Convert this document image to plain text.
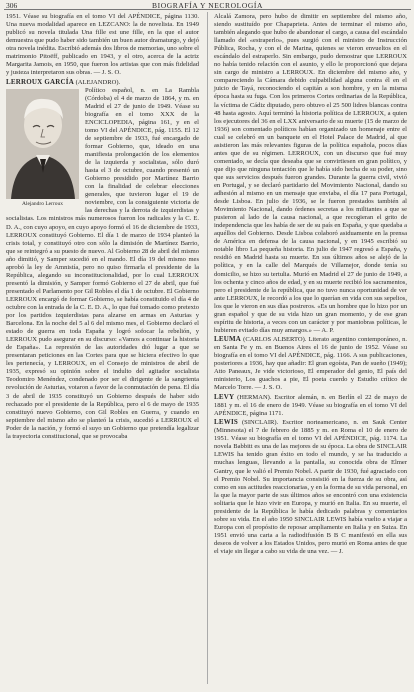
306	BIOGRAFÍA Y NECROLOGÍA

1951. Véase su biografía en el tomo VI del APÉNDICE, página 1130. Una nueva modalidad aparece en LEZCANO: la de novelista. En 1949 publicó su novela titulada Una fille est une fille, en la que el autor demuestra que pudo haber sido también un buen autor dramaturgo, y dejó otra novela inédita. Escribió además dos libros de memorias, uno sobre el matrimonio Pitoëff, publicado en 1943, y el otro, acerca de la actriz Margarita Jamois, en 1950, que fueron los artistas que con más fidelidad y justeza interpretaron sus obras. — J. S. O.

LERROUX GARCÍA (ALEJANDRO).

Alejandro Lerroux

Político español, n. en La Rambla (Córdoba) el 4 de marzo de 1864, y m. en Madrid el 27 de junio de 1949. Véase su biografía en el tomo XXX de la ENCICLOPEDIA, página 161, y en el tomo VI del APÉNDICE, pág. 1155. El 12 de septiembre de 1933, fué encargado de formar Gobierno, que, ideado en una manifiesta prolongación de los elementos de la izquierda y socialistas, sólo duró hasta el 3 de octubre, cuando presentó un Gobierno presidido por Martínez Barrio con la finalidad de celebrar elecciones generales, que tuvieron lugar el 19 de noviembre, con la consiguiente victoria de las derechas y la derrota de izquierdistas y socialistas. Los ministros más numerosos fueron los radicales y la C. E. D. A., con cuyo apoyo, en cuyo apoyo formó el 16 de diciembre de 1933, LERROUX constituyó Gobierno. El día 1 de marzo de 1934 planteó la crisis total, y constituyó otro con sólo la dimisión de Martínez Barrio, que se reintegró a su puesto de nuevo. Al Gobierno 28 de abril del mismo año dimitió, y Samper sucedió en el mando. El día 19 del mismo mes aprobó la ley de Amnistía, pero no quiso firmarla el presidente de la República, alegando su inconstitucionalidad, por lo cual LERROUX presentó la dimisión, y Samper formó Gobierno el 27 de abril, que fué presentado el Parlamento por Gil Robles el día 1 de octubre. El Gobierno LERROUX encargó de formar Gobierno, se había constituido el día 4 de octubre con la entrada de la C. E. D. A., lo que fué tomado como pretexto por los partidos izquierdistas para alzarse en armas en Asturias y Barcelona. En la noche del 5 al 6 del mismo mes, el Gobierno declaró el estado de guerra en toda España y logró sofocar la rebelión, y LERROUX pudo asegurar en su discurso: «Vamos a continuar la historia de España». La represión de las autoridades dió lugar a que se presentaran peticiones en las Cortes para que se hiciera efectivo lo que les pertenecía, y LERROUX, en el Consejo de ministros de abril de 1935, expresó su opinión sobre el indulto del agitador socialista Teodomiro Menéndez, condenado por ser el dirigente de la sangrienta revolución de Asturias, votaron a favor de la conmutación de pena. El día 3 de abril de 1935 constituyó un Gobierno después de haber sido rechazado por el presidente de la República, pero el 6 de mayo de 1935 constituyó nuevo Gobierno, con Gil Robles en Guerra, y cuando en septiembre del mismo año se planteó la crisis, sucedió a LERROUX el Poder de la nación, y formó el suyo un Gobierno que pretendía legalizar la trayectoria constitucional, que se provocaba

Alcalá Zamora, pero hubo de dimitir en septiembre del mismo año, siendo sustituído por Chapaprieta. Antes de terminar el mismo año, también alegando que hubo de abandonar el cargo, a causa del escándalo llamado del «estraperlo», pues surgió con el ministro de Instrucción Pública, Rocha, y con el de Marina, quienes se vieron envueltos en el escándalo del estraperlo. Sin embargo, pudo demostrar que LERROUX no había tenido relación con el asunto, y ello le proporcionó que dejara sin cargo de ministro a LERROUX. En diciembre del mismo año, y compareciendo la Cámara debido culpabilidad alguna contra él en el juicio de Tayá, reconociendo el capitán a son hombre, y en la misma época hasta su fuga. Con los primeros Cortes ordinarias de la República, la víctima de Cádiz diputado, pero obtuvo el 25 500 lidres blancas contra 48 hasta agosto. Aquí terminó la historia política de LERROUX, a quien los ejecutores del 36 en el LXX aniversario de su muerte (15 de marzo de 1936) son comentado políticos habían organizado un homenaje entre el cual se celebró en un banquete en el Hotel Palace de Madrid, al que asistieron las más relevantes figuras de la política española, pocos días antes que de su régimen. LERROUX, con un discurso que fué muy comentado, se decía que deseaba que se convirtiesen en gran político, y que dijo que ninguna tentación que le había sido hecha de su poder, sino que sus servicios después fueron grandes. Durante la guerra civil, vivió en Portugal, y se declaró partidario del Movimiento Nacional, dando su adhesión al mismo en un mensaje que enviaba, el día 17 para Portugal, desde Lisboa. En julio de 1936, se le fueron prestados también al Movimiento Nacional, dando órdenes secretas a los militantes a que se pusieron al lado de la causa nacional, a que recogieran el grito de independencia que les había de ser de su país en España, y que quedaba a aquéllos del Gobierno. Desde Lisboa colaboró asiduamente en la prensa de América en defensa de la causa nacional, y en 1945 escribió su notable libro La pequeña historia. En julio de 1947 regresó a España, y residió en Madrid hasta su muerte. En sus últimos años se alejó de la política, y en la calle del Marqués de Villamejor, donde tenía su domicilio, se hizo su tertulia. Murió en Madrid el 27 de junio de 1949, a los ochenta y cinco años de edad, y en su muerte recibió los sacramentos, pero el presidente de la república, que no tuvo nunca oportunidad de ver ante LERROUX, le recordó a los que lo querían en vida con sus sepelios, los que le vieron en sus días postreros. «Es un hombre que lo hizo por un gran español y que de su vida hizo un gran momento, y de ese gran espíritu de historia, a veces con un carácter y por maniobras políticas, le hubieren evitado días muy amargos.» — A. P.

LEUMA (CARLOS ALBERTO). Literato argentino contemporáneo, n. en Santa Fe y m. en Buenos Aires el 16 de junio de 1952. Véase su biografía en el tomo VI del APÉNDICE, pág. 1166. A sus publicaciones, posteriores a 1936, hay que añadir: El gran egoísta, Pan de sueño (1949); Atto Paneaux, Je vide victorioso, El emperador del genio, El país del ministerio, Los guachos a pie, El poeta cuerdo y Estudio crítico de Marcelo Torre. — J. S. O.

LEVY (HERMAN). Escritor alemán, n. en Berlín el 22 de mayo de 1881 y m. el 16 de enero de 1949. Véase su biografía en el tomo VI del APÉNDICE, página 1171.

LEWIS (SINCLAIR). Escritor norteamericano, n. en Sauk Center (Minnesota) el 7 de febrero de 1885 y m. en Roma el 10 de enero de 1951. Véase su biografía en el tomo VI del APÉNDICE, pág. 1174. La novela Babbitt es una de las mejores de su época. La obra de SINCLAIR LEWIS ha tenido gran éxito en todo el mundo, y se ha traducido a muchas lenguas, llevando a la pantalla, su conocida obra de Elmer Gantry, que le valió el Premio Nobel. A partir de 1930, fué agraciado con el Premio Nobel. Su importancia consistió en la fuerza de su obra, así como en sus actitudes reaccionarias, y en la forma de su vida personal, en la que la mayor parte de sus últimos años se encontró con una existencia solitaria que le hizo vivir en Europa, y murió en Italia. En su muerte, el presidente de la República le había dedicado palabras y comentarios sobre su vida. En el año 1950 SINCLAIR LEWIS había vuelto a viajar a Europa con el propósito de reposar ampliamente en Italia y en Suiza. En 1951 envió una carta a la radiodifusión B B C manifestó en ella sus deseos de volver a los Estados Unidos, pero murió en Roma antes de que el viaje sin llegar a cabo su vida de una vez. — J.
